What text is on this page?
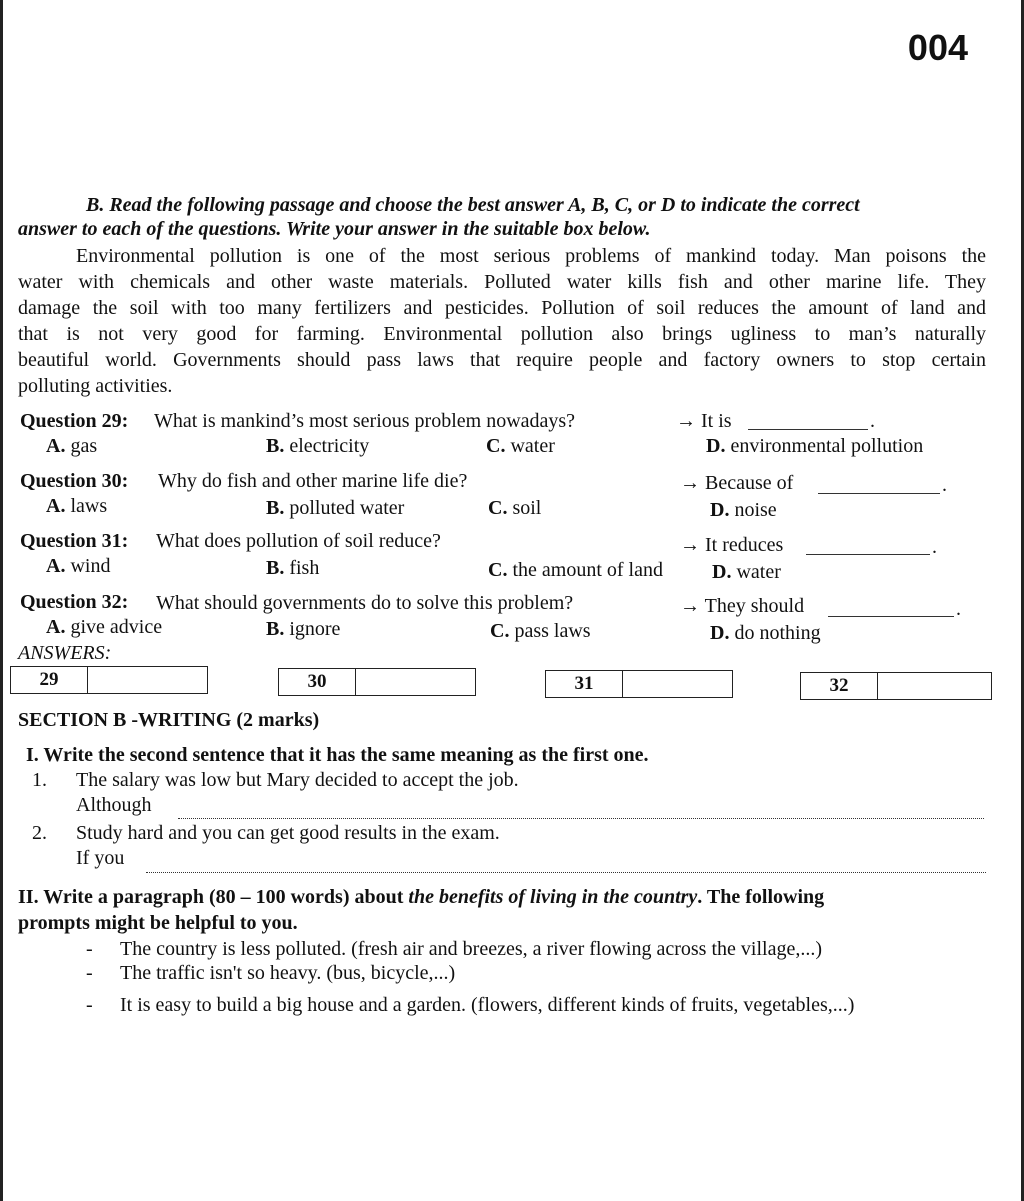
004
B. Read the following passage and choose the best answer A, B, C, or D to indicate the correct
answer to each of the questions. Write your answer in the suitable box below.
Environmental pollution is one of the most serious problems of mankind today. Man poisons the
water with chemicals and other waste materials. Polluted water kills fish and other marine life. They
damage the soil with too many fertilizers and pesticides. Pollution of soil reduces the amount of land and
that is not very good for farming. Environmental pollution also brings ugliness to man’s naturally
beautiful world. Governments should pass laws that require people and factory owners to stop certain
polluting activities.
Question 29: What is mankind’s most serious problem nowadays?	→ It is	.
A. gas	B. electricity	C. water	D. environmental pollution
Question 30: Why do fish and other marine life die?	→ Because of	.
A. laws	B. polluted water	C. soil	D. noise
Question 31: What does pollution of soil reduce?	→ It reduces	.
A. wind	B. fish	C. the amount of land D. water
Question 32: What should governments do to solve this problem?	→ They should	.
A. give advice	B. ignore	C. pass laws	D. do nothing
ANSWERS:
29	30	31	32
SECTION B -WRITING (2 marks)
I. Write the second sentence that it has the same meaning as the first one.
1. The salary was low but Mary decided to accept the job.
Although
2. Study hard and you can get good results in the exam.
If you
II. Write a paragraph (80 – 100 words) about the benefits of living in the country. The following
prompts might be helpful to you.
- The country is less polluted. (fresh air and breezes, a river flowing across the village,...)
- The traffic isn't so heavy. (bus, bicycle,...)
- It is easy to build a big house and a garden. (flowers, different kinds of fruits, vegetables,...)
